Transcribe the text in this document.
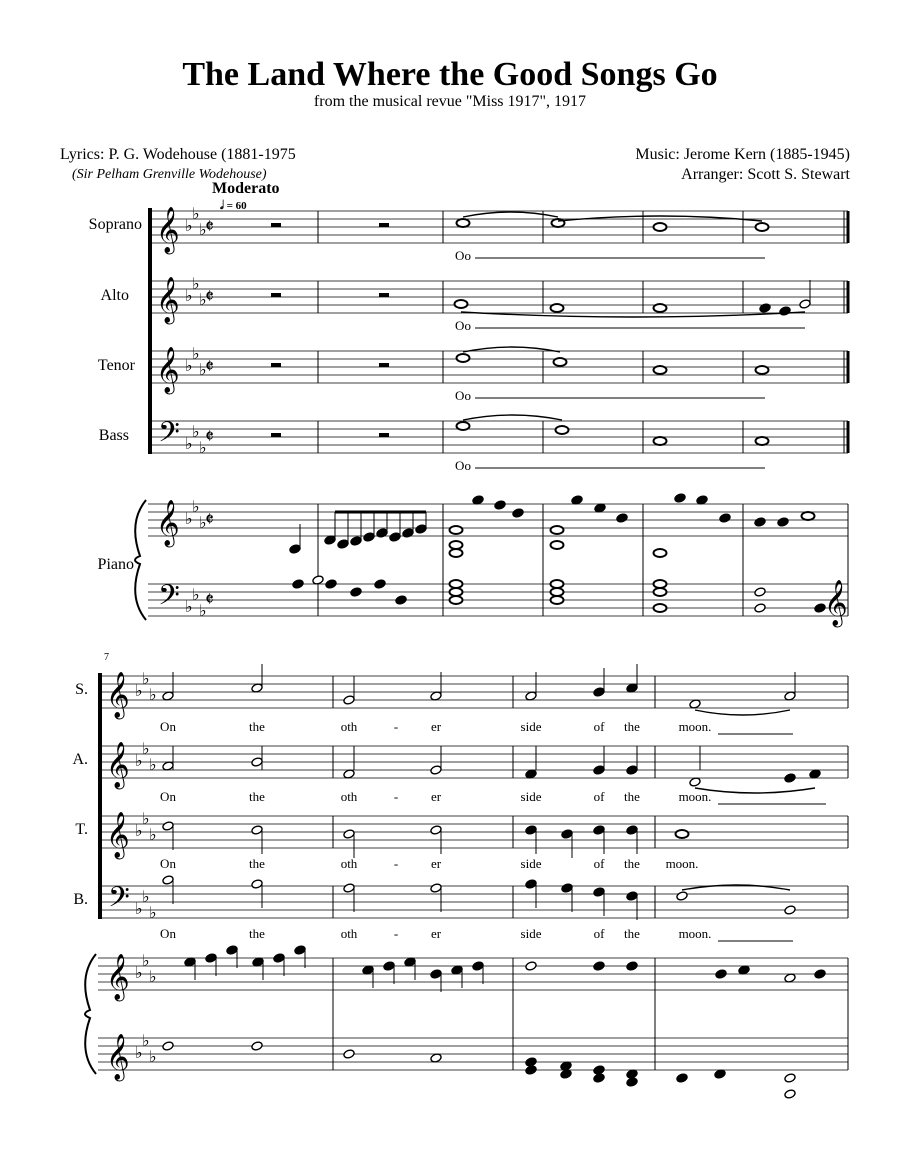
The Land Where the Good Songs Go
from the musical revue "Miss 1917", 1917
Lyrics: P. G. Wodehouse (1881-1975
(Sir Pelham Grenville Wodehouse)
Music: Jerome Kern (1885-1945)
Arranger: Scott S. Stewart
Moderato
𝅗𝅥 = 60
Soprano
Alto
Tenor
Bass
Piano
Oo
Oo
Oo
Oo
7
S.
A.
T.
B.
On	the	oth	-	er	side	of the	moon.
On	the	oth	-	er	side	of the	moon.
On	the	oth	-	er	side	of the moon.
On	the	oth	-	er	side	of the	moon.
𝄞 ♭
♭
♭
𝄵
𝄞 ♭
♭
♭
𝄵
𝄞 ♭
♭
♭
𝄵
𝄢 ♭
♭
♭
𝄵
𝄞
𝄢
♭
♭
♭
♭
♭
♭
𝄵
𝄵	𝄞
𝄞 ♭
♭
♭
𝄞 ♭
♭
♭
𝄞 ♭
♭
♭
𝄢 ♭
♭
♭
𝄞
𝄞
♭
♭
♭
♭
♭
♭
